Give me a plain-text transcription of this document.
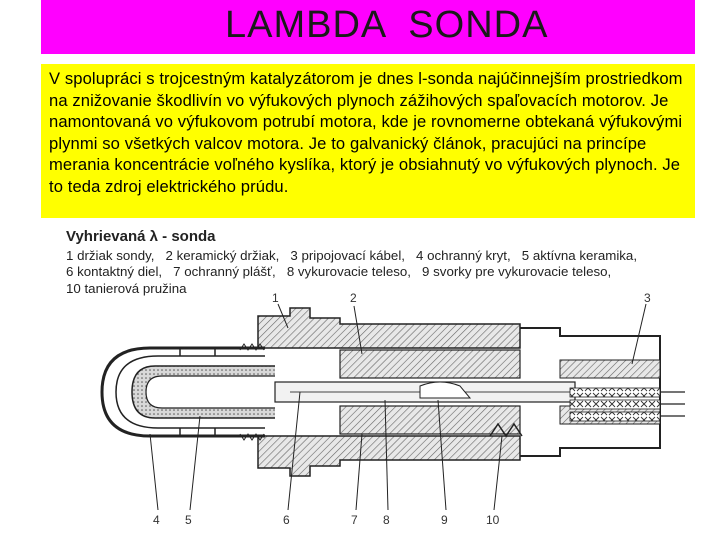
LAMBDA  SONDA
V spolupráci s trojcestným katalyzátorom je dnes l-sonda najúčinnejším prostriedkom na znižovanie škodlivín vo výfukových plynoch zážihových spaľovacích motorov. Je namontovaná vo výfukovom potrubí motora, kde je rovnomerne obtekaná výfukovými plynmi so všetkých valcov motora. Je to galvanický článok, pracujúci na princípe merania koncentrácie voľného kyslíka, ktorý je obsiahnutý vo výfukových plynoch. Je to teda zdroj elektrického prúdu.
Vyhrievaná λ - sonda
1 držiak sondy,   2 keramický držiak,   3 pripojovací kábel,   4 ochranný kryt,   5 aktívna keramika,
6 kontaktný diel,   7 ochranný plášť,   8 vykurovacie teleso,   9 svorky pre vykurovacie teleso,
10 tanierová pružina
1	2	3
4 5	6	7 8	9	10
